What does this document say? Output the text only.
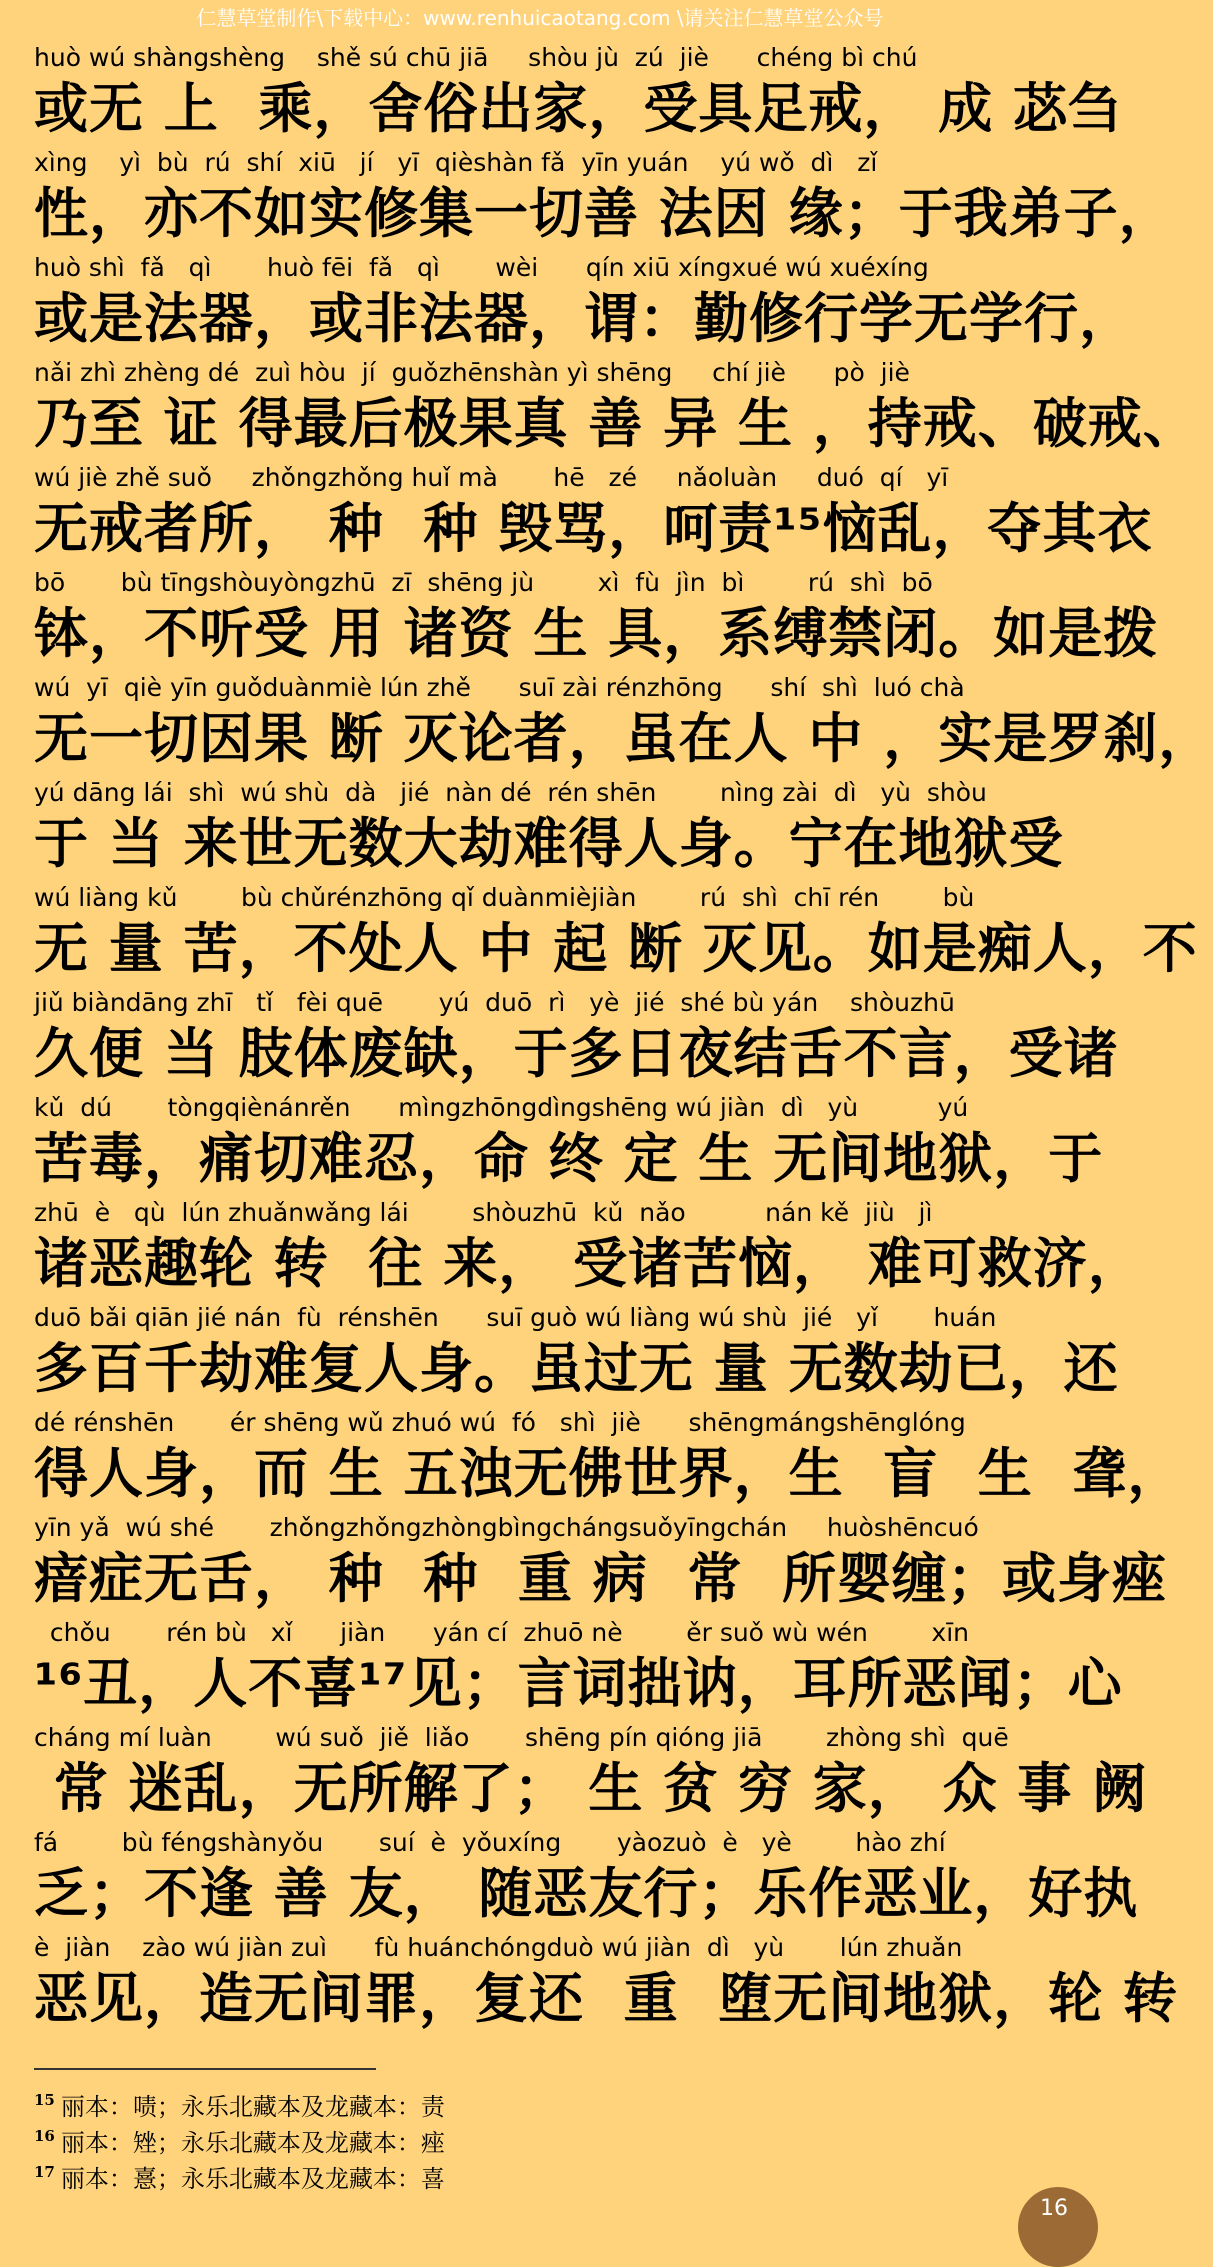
仁慧草堂制作\下载中心：www.renhuicaotang.com \请关注仁慧草堂公众号
huò wú shàngshèng    shě sú chū jiā     shòu jù  zú  jiè      chéng bì chú
或无 上  乘，舍俗出家，受具足戒， 成 苾刍
xìng    yì  bù  rú  shí  xiū   jí   yī  qièshàn fǎ  yīn yuán    yú wǒ  dì   zǐ
性，亦不如实修集一切善 法因 缘；于我弟子，
huò shì  fǎ   qì       huò fēi  fǎ   qì       wèi      qín xiū xíngxué wú xuéxíng
或是法器，或非法器，谓：勤修行学无学行，
nǎi zhì zhèng dé  zuì hòu  jí  guǒzhēnshàn yì shēng     chí jiè      pò  jiè
乃至 证 得最后极果真 善 异 生 ，持戒、破戒、
wú jiè zhě suǒ     zhǒngzhǒng huǐ mà       hē   zé     nǎoluàn     duó  qí   yī
无戒者所， 种  种 毁骂，呵责¹⁵恼乱，夺其衣
bō       bù tīngshòuyòngzhū  zī  shēng jù        xì  fù  jìn  bì        rú  shì  bō
钵，不听受 用 诸资 生 具，系缚禁闭。如是拨
wú  yī  qiè yīn guǒduànmiè lún zhě      suī zài rénzhōng      shí  shì  luó chà
无一切因果 断 灭论者，虽在人 中 ，实是罗刹，
yú dāng lái  shì  wú shù  dà   jié  nàn dé  rén shēn        nìng zài  dì   yù  shòu
于 当 来世无数大劫难得人身。宁在地狱受
wú liàng kǔ        bù chǔrénzhōng qǐ duànmièjiàn        rú  shì  chī rén        bù
无 量 苦，不处人 中 起 断 灭见。如是痴人，不
jiǔ biàndāng zhī   tǐ   fèi quē       yú  duō  rì   yè  jié  shé bù yán    shòuzhū
久便 当 肢体废缺，于多日夜结舌不言，受诸
kǔ  dú       tòngqiènánrěn      mìngzhōngdìngshēng wú jiàn  dì   yù          yú
苦毒，痛切难忍，命 终 定 生 无间地狱，于
zhū  è   qù  lún zhuǎnwǎng lái        shòuzhū  kǔ  nǎo          nán kě  jiù   jì
诸恶趣轮 转  往 来， 受诸苦恼， 难可救济，
duō bǎi qiān jié nán  fù  rénshēn      suī guò wú liàng wú shù  jié   yǐ       huán
多百千劫难复人身。虽过无 量 无数劫已，还
dé rénshēn       ér shēng wǔ zhuó wú  fó   shì  jiè      shēngmángshēnglóng
得人身，而 生 五浊无佛世界，生  盲  生  聋，
yīn yǎ  wú shé       zhǒngzhǒngzhòngbìngchángsuǒyīngchán     huòshēncuó
瘖症无舌， 种  种  重 病  常  所婴缠；或身痤
chǒu       rén bù   xǐ      jiàn      yán cí  zhuō nè        ěr suǒ wù wén        xīn
¹⁶丑，人不喜¹⁷见；言词拙讷，耳所恶闻；心
cháng mí luàn        wú suǒ  jiě  liǎo       shēng pín qióng jiā        zhòng shì  quē
常 迷乱，无所解了； 生 贫 穷 家， 众 事 阙
fá        bù féngshànyǒu       suí  è  yǒuxíng       yàozuò  è   yè        hào zhí
乏；不逢 善 友， 随恶友行；乐作恶业，好执
è  jiàn    zào wú jiàn zuì      fù huánchóngduò wú jiàn  dì   yù       lún zhuǎn
恶见，造无间罪，复还  重  堕无间地狱，轮 转
$^{15}$ 丽本：啧；永乐北藏本及龙藏本：责
$^{16}$ 丽本：矬；永乐北藏本及龙藏本：痤
$^{17}$ 丽本：憙；永乐北藏本及龙藏本：喜
16
